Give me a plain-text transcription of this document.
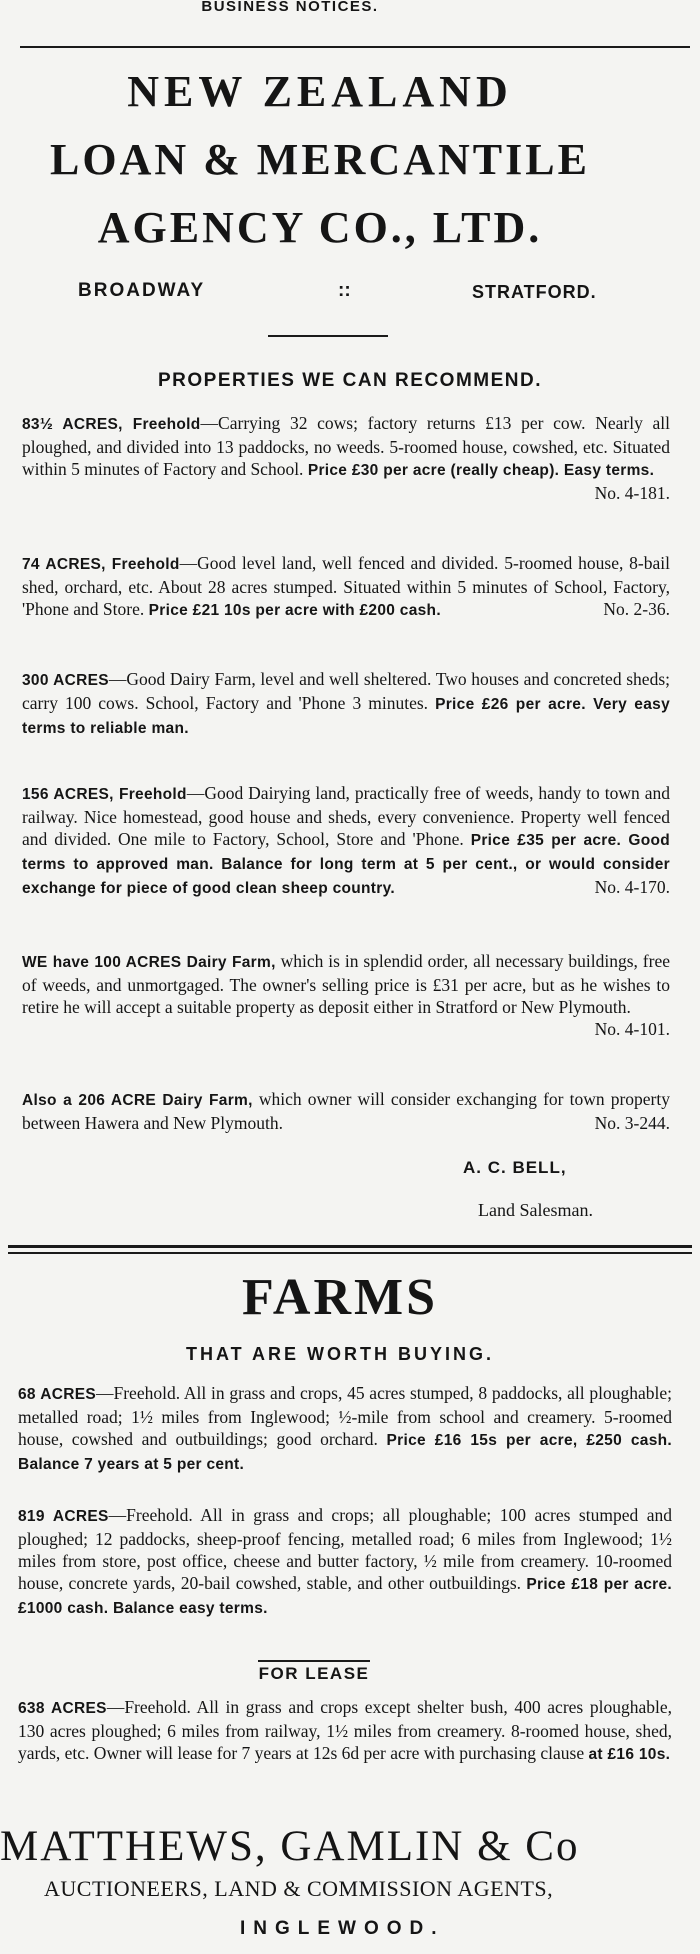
BUSINESS NOTICES.
NEW ZEALAND
LOAN & MERCANTILE
AGENCY CO., LTD.
BROADWAY	::	STRATFORD.
PROPERTIES WE CAN RECOMMEND.
83½ ACRES, Freehold—Carrying 32 cows; factory returns £13 per cow. Nearly all ploughed, and divided into 13 paddocks, no weeds. 5-roomed house, cowshed, etc. Situated within 5 minutes of Factory and School. Price £30 per acre (really cheap). Easy terms.
No. 4-181.
74 ACRES, Freehold—Good level land, well fenced and divided. 5-roomed house, 8-bail shed, orchard, etc. About 28 acres stumped. Situated within 5 minutes of School, Factory, 'Phone and Store. Price £21 10s per acre with £200 cash.	No. 2-36.
300 ACRES—Good Dairy Farm, level and well sheltered. Two houses and concreted sheds; carry 100 cows. School, Factory and 'Phone 3 minutes. Price £26 per acre. Very easy terms to reliable man.
156 ACRES, Freehold—Good Dairying land, practically free of weeds, handy to town and railway. Nice homestead, good house and sheds, every convenience. Property well fenced and divided. One mile to Factory, School, Store and 'Phone. Price £35 per acre. Good terms to approved man. Balance for long term at 5 per cent., or would consider exchange for piece of good clean sheep country.	No. 4-170.
WE have 100 ACRES Dairy Farm, which is in splendid order, all necessary buildings, free of weeds, and unmortgaged. The owner's selling price is £31 per acre, but as he wishes to retire he will accept a suitable property as deposit either in Stratford or New Plymouth.
No. 4-101.
Also a 206 ACRE Dairy Farm, which owner will consider exchanging for town property between Hawera and New Plymouth.	No. 3-244.
A. C. BELL,
Land Salesman.
FARMS
THAT ARE WORTH BUYING.
68 ACRES—Freehold. All in grass and crops, 45 acres stumped, 8 paddocks, all ploughable; metalled road; 1½ miles from Inglewood; ½-mile from school and creamery. 5-roomed house, cowshed and outbuildings; good orchard. Price £16 15s per acre, £250 cash. Balance 7 years at 5 per cent.
819 ACRES—Freehold. All in grass and crops; all ploughable; 100 acres stumped and ploughed; 12 paddocks, sheep-proof fencing, metalled road; 6 miles from Inglewood; 1½ miles from store, post office, cheese and butter factory, ½ mile from creamery. 10-roomed house, concrete yards, 20-bail cowshed, stable, and other outbuildings. Price £18 per acre. £1000 cash. Balance easy terms.
FOR LEASE
638 ACRES—Freehold. All in grass and crops except shelter bush, 400 acres ploughable, 130 acres ploughed; 6 miles from railway, 1½ miles from creamery. 8-roomed house, shed, yards, etc. Owner will lease for 7 years at 12s 6d per acre with purchasing clause at £16 10s.
MATTHEWS, GAMLIN & Co
AUCTIONEERS, LAND & COMMISSION AGENTS,
INGLEWOOD.
